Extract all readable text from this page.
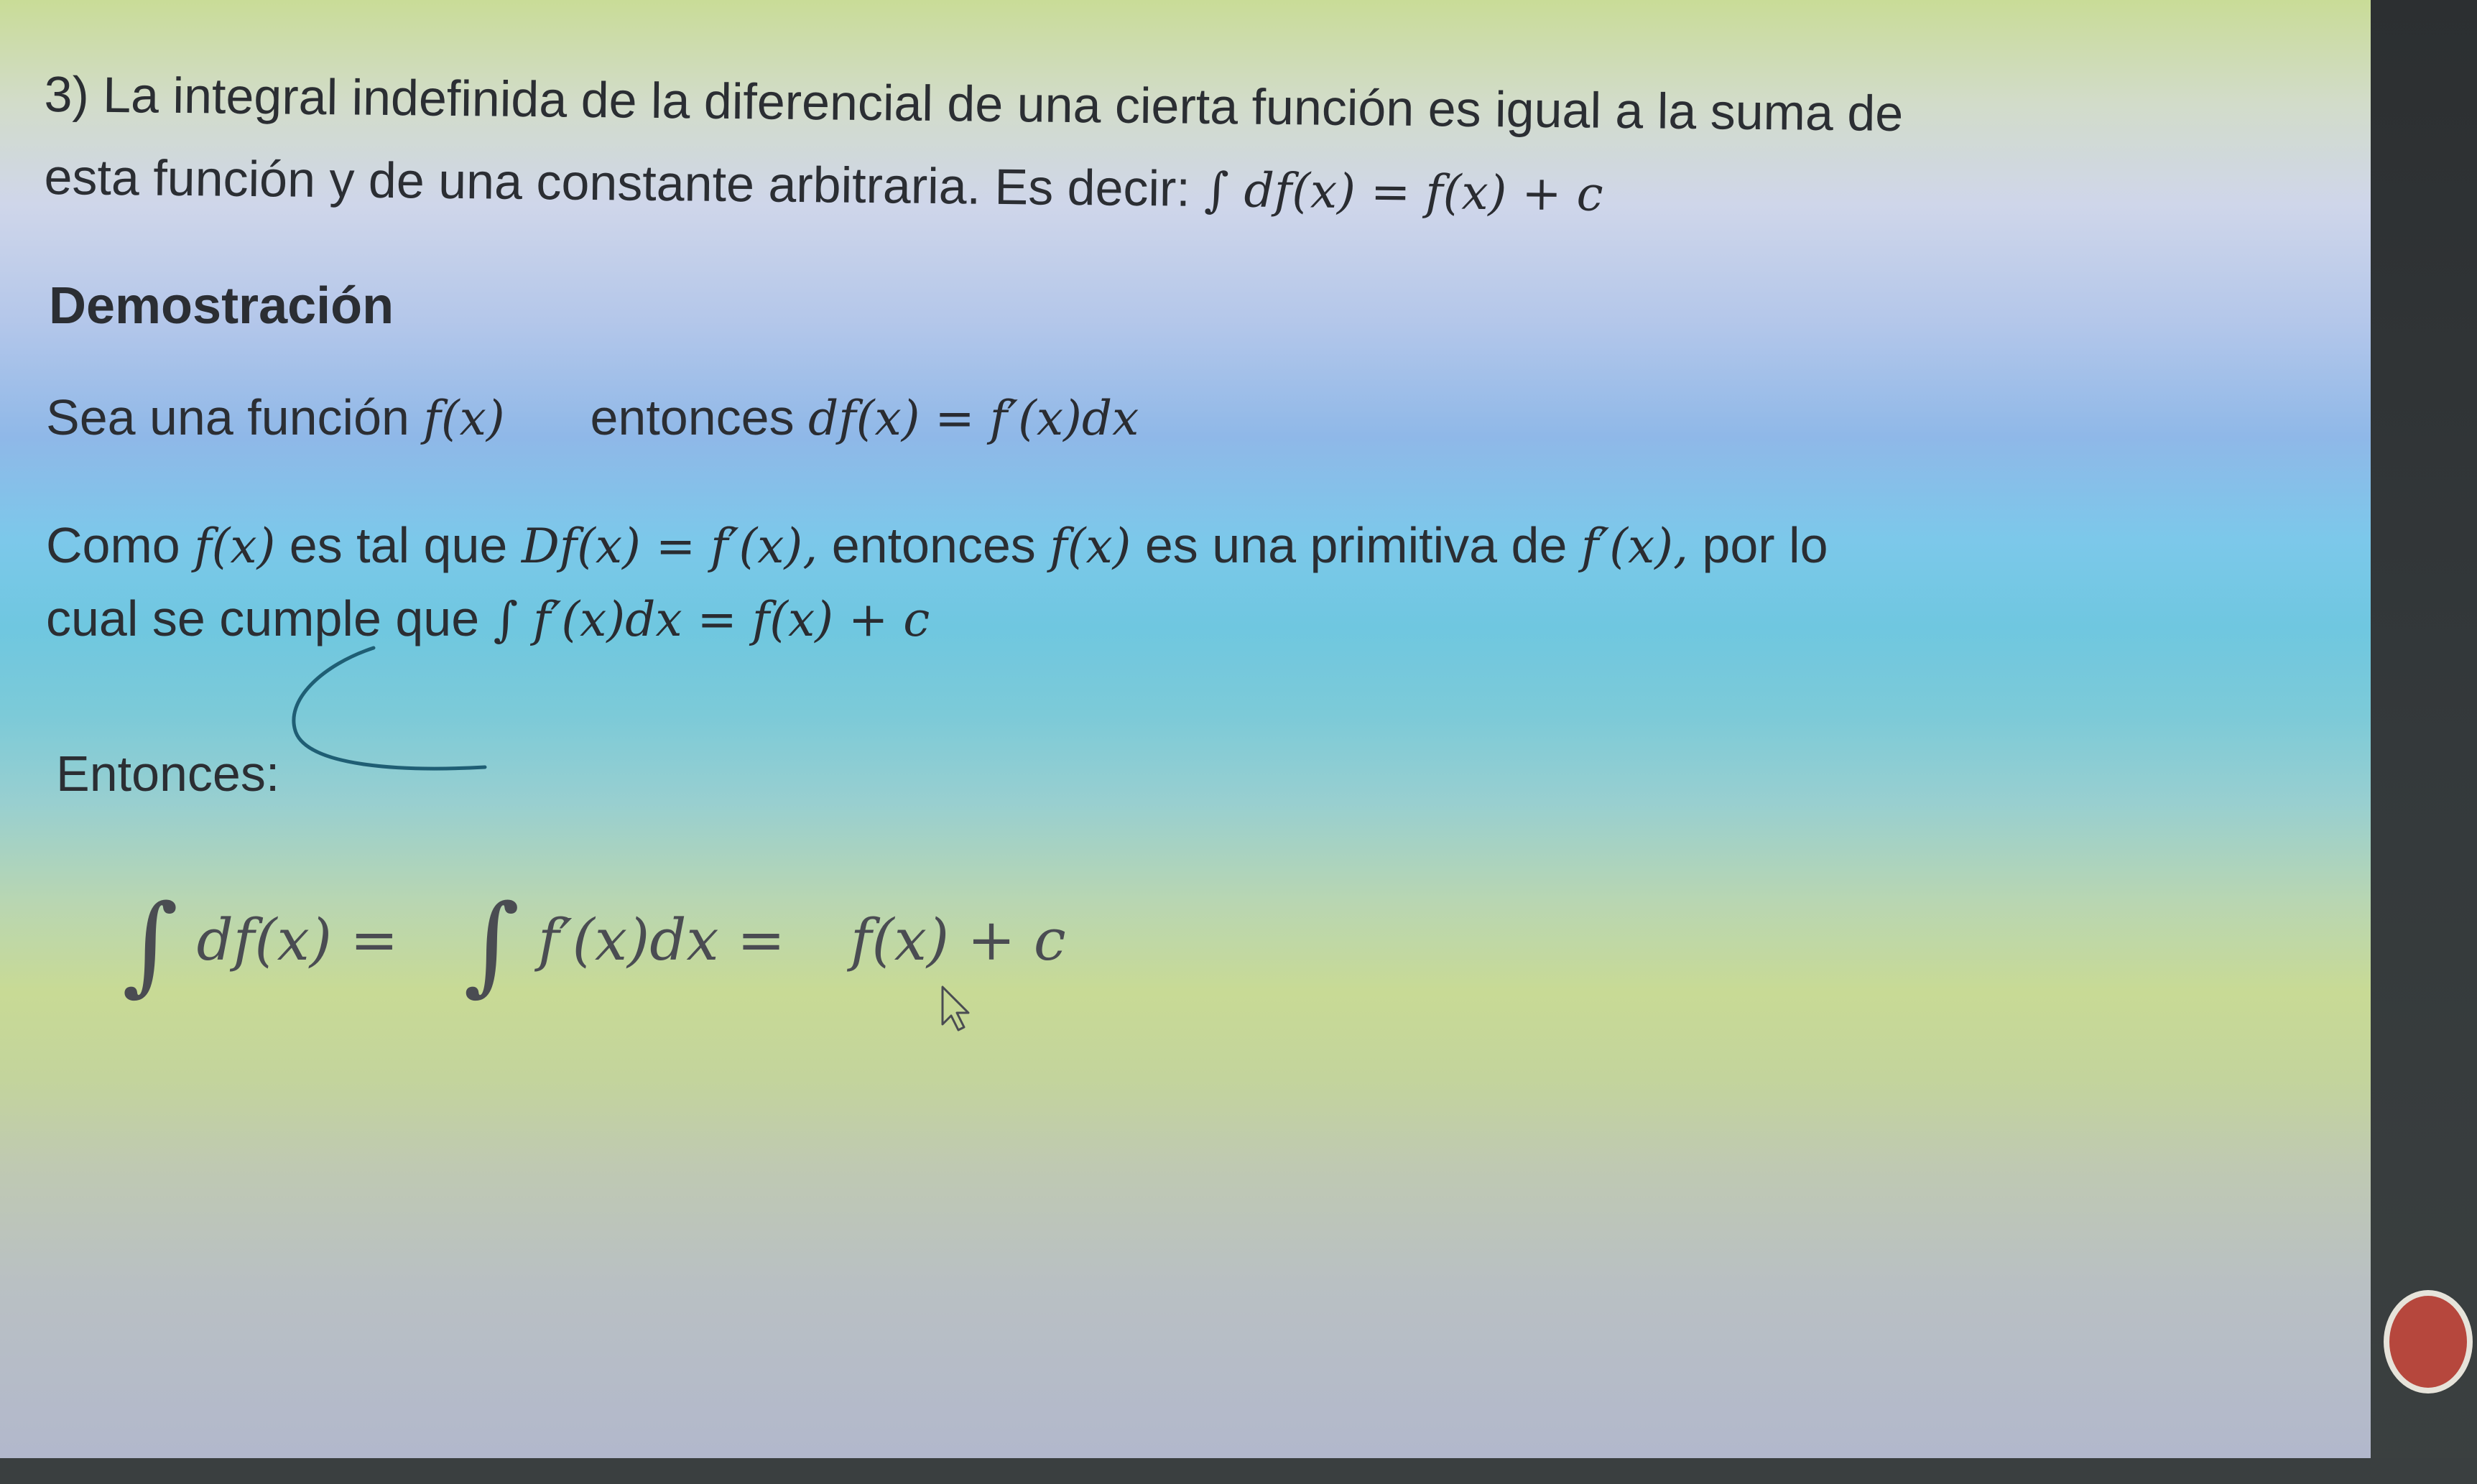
3) La integral indefinida de la diferencial de una cierta función es igual a la suma de
esta función y de una constante arbitraria. Es decir: ∫ df(x) = f(x) + c
Demostración
Sea una función f(x) entonces df(x) = f′(x)dx
Como f(x) es tal que Df(x) = f′(x), entonces f(x) es una primitiva de f′(x), por lo
cual se cumple que ∫ f′(x)dx = f(x) + c
Entonces:
∫ df(x) = ∫ f′(x)dx = f(x) + c
